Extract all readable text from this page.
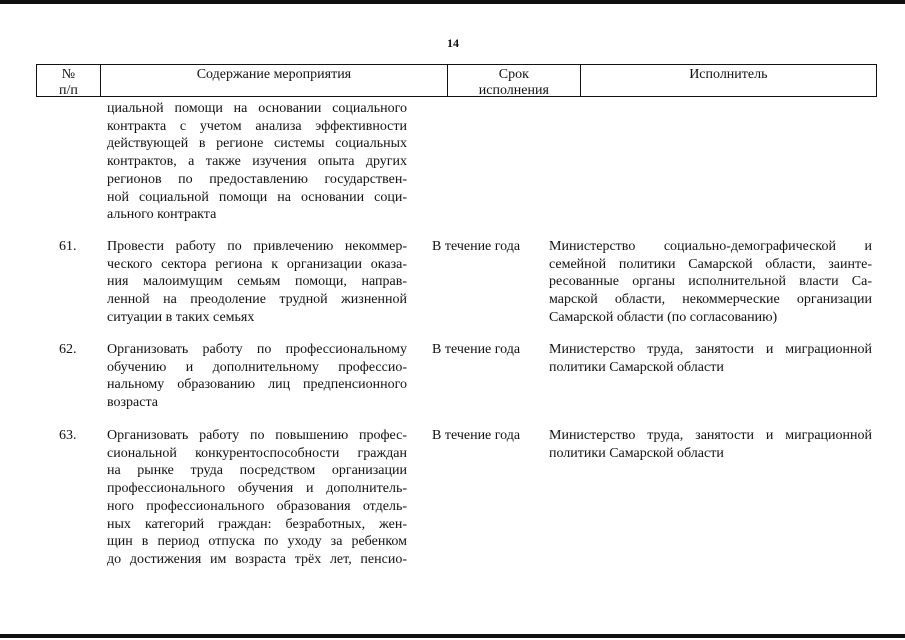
14
№
п/п
Содержание мероприятия	Срок
исполнения
Исполнитель
циальной помощи на основании социального
контракта с учетом анализа эффективности
действующей в регионе системы социальных
контрактов, а также изучения опыта других
регионов по предоставлению государствен-
ной социальной помощи на основании соци-
ального контракта
61. Провести работу по привлечению некоммер-
ческого сектора региона к организации оказа-
ния малоимущим семьям помощи, направ-
ленной на преодоление трудной жизненной
ситуации в таких семьях
В течение года Министерство социально-демографической и
семейной политики Самарской области, заинте-
ресованные органы исполнительной власти Са-
марской области, некоммерческие организации
Самарской области (по согласованию)
62. Организовать работу по профессиональному
обучению и дополнительному профессио-
нальному образованию лиц предпенсионного
возраста
В течение года Министерство труда, занятости и миграционной
политики Самарской области
63. Организовать работу по повышению профес-
сиональной конкурентоспособности граждан
на рынке труда посредством организации
профессионального обучения и дополнитель-
ного профессионального образования отдель-
ных категорий граждан: безработных, жен-
щин в период отпуска по уходу за ребенком
до достижения им возраста трёх лет, пенсио-
В течение года Министерство труда, занятости и миграционной
политики Самарской области
